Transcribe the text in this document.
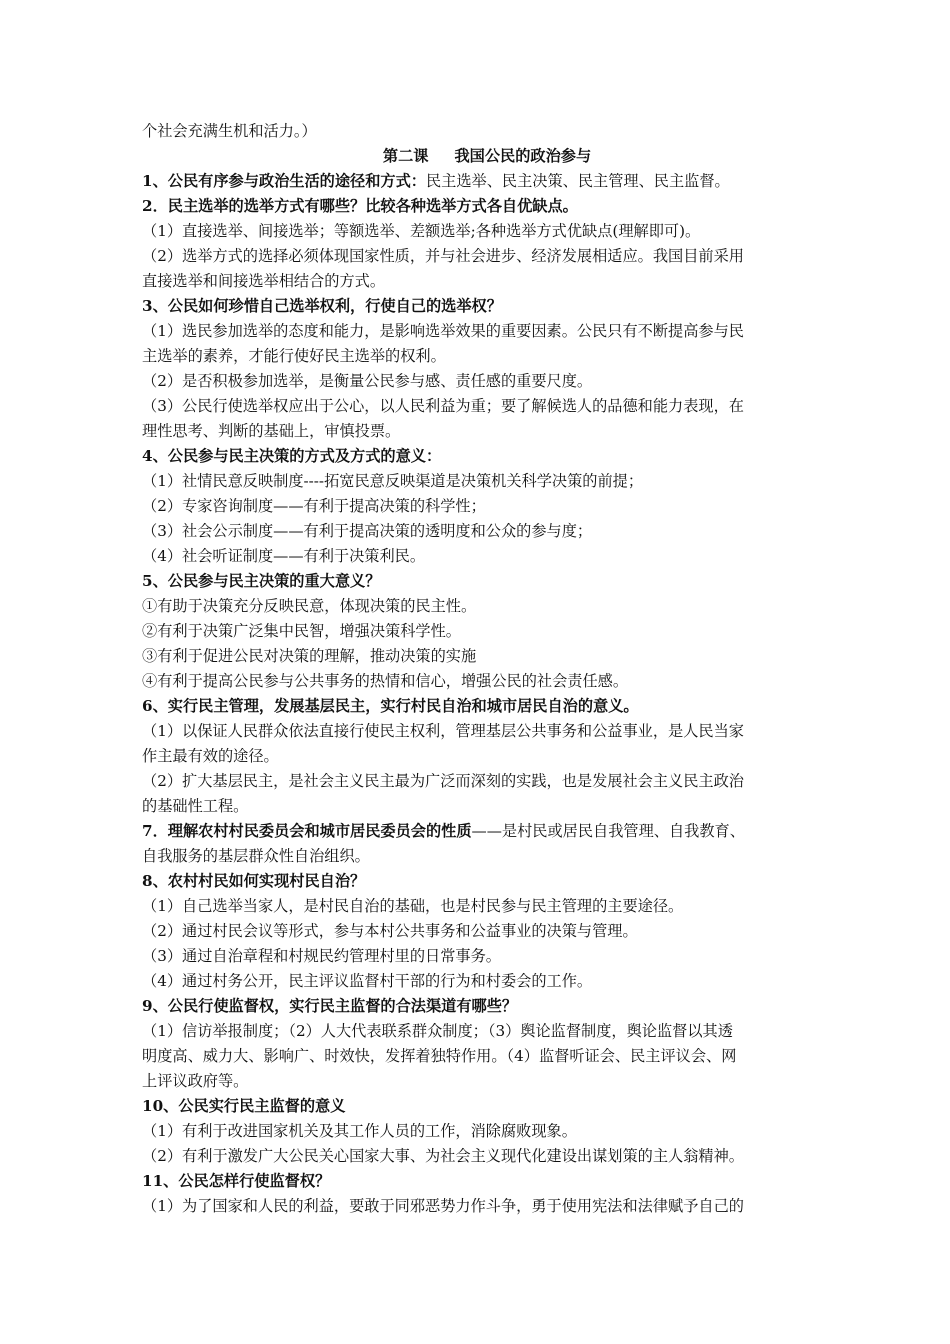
个社会充满生机和活力。）
第二课 我国公民的政治参与
1、公民有序参与政治生活的途径和方式：民主选举、民主决策、民主管理、民主监督。
2．民主选举的选举方式有哪些？比较各种选举方式各自优缺点。
（1）直接选举、间接选举；等额选举、差额选举;各种选举方式优缺点(理解即可)。
（2）选举方式的选择必须体现国家性质，并与社会进步、经济发展相适应。我国目前采用
直接选举和间接选举相结合的方式。
3、公民如何珍惜自己选举权利，行使自己的选举权？
（1）选民参加选举的态度和能力，是影响选举效果的重要因素。公民只有不断提高参与民
主选举的素养，才能行使好民主选举的权利。
（2）是否积极参加选举，是衡量公民参与感、责任感的重要尺度。
（3）公民行使选举权应出于公心，以人民利益为重；要了解候选人的品德和能力表现，在
理性思考、判断的基础上，审慎投票。
4、公民参与民主决策的方式及方式的意义：
（1）社情民意反映制度----拓宽民意反映渠道是决策机关科学决策的前提；
（2）专家咨询制度——有利于提高决策的科学性；
（3）社会公示制度——有利于提高决策的透明度和公众的参与度；
（4）社会听证制度——有利于决策利民。
5、公民参与民主决策的重大意义？
①有助于决策充分反映民意，体现决策的民主性。
②有利于决策广泛集中民智，增强决策科学性。
③有利于促进公民对决策的理解，推动决策的实施
④有利于提高公民参与公共事务的热情和信心，增强公民的社会责任感。
6、实行民主管理，发展基层民主，实行村民自治和城市居民自治的意义。
（1）以保证人民群众依法直接行使民主权利，管理基层公共事务和公益事业，是人民当家
作主最有效的途径。
（2）扩大基层民主，是社会主义民主最为广泛而深刻的实践，也是发展社会主义民主政治
的基础性工程。
7．理解农村村民委员会和城市居民委员会的性质——是村民或居民自我管理、自我教育、
自我服务的基层群众性自治组织。
8、农村村民如何实现村民自治？
（1）自己选举当家人，是村民自治的基础，也是村民参与民主管理的主要途径。
（2）通过村民会议等形式，参与本村公共事务和公益事业的决策与管理。
（3）通过自治章程和村规民约管理村里的日常事务。
（4）通过村务公开，民主评议监督村干部的行为和村委会的工作。
9、公民行使监督权，实行民主监督的合法渠道有哪些？
（1）信访举报制度；（2）人大代表联系群众制度；（3）舆论监督制度，舆论监督以其透
明度高、威力大、影响广、时效快，发挥着独特作用。（4）监督听证会、民主评议会、网
上评议政府等。
10、公民实行民主监督的意义
（1）有利于改进国家机关及其工作人员的工作，消除腐败现象。
（2）有利于激发广大公民关心国家大事、为社会主义现代化建设出谋划策的主人翁精神。
11、公民怎样行使监督权？
（1）为了国家和人民的利益，要敢于同邪恶势力作斗争，勇于使用宪法和法律赋予自己的
